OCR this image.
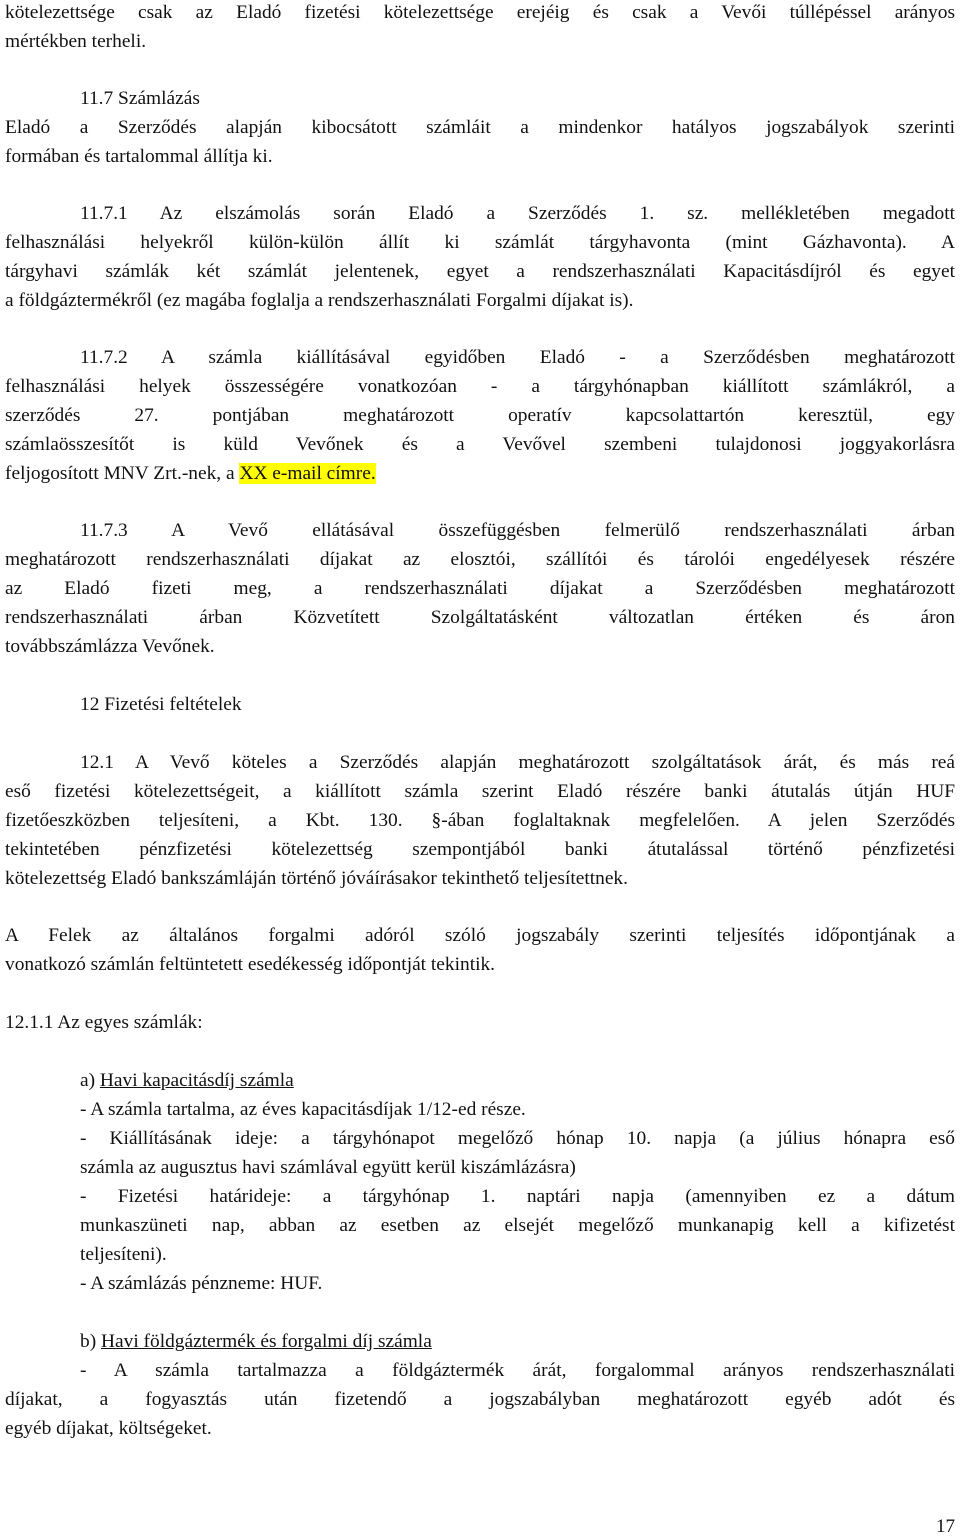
kötelezettsége csak az Eladó fizetési kötelezettsége erejéig és csak a Vevői túllépéssel arányos
mértékben terheli.
11.7 Számlázás
Eladó a Szerződés alapján kibocsátott számláit a mindenkor hatályos jogszabályok szerinti
formában és tartalommal állítja ki.
11.7.1 Az elszámolás során Eladó a Szerződés 1. sz. mellékletében megadott
felhasználási helyekről külön-külön állít ki számlát tárgyhavonta (mint Gázhavonta). A
tárgyhavi számlák két számlát jelentenek, egyet a rendszerhasználati Kapacitásdíjról és egyet
a földgáztermékről (ez magába foglalja a rendszerhasználati Forgalmi díjakat is).
11.7.2 A számla kiállításával egyidőben Eladó - a Szerződésben meghatározott
felhasználási helyek összességére vonatkozóan - a tárgyhónapban kiállított számlákról, a
szerződés 27. pontjában meghatározott operatív kapcsolattartón keresztül, egy
számlaösszesítőt is küld Vevőnek és a Vevővel szembeni tulajdonosi joggyakorlásra
feljogosított MNV Zrt.-nek, a XX e-mail címre.
11.7.3 A Vevő ellátásával összefüggésben felmerülő rendszerhasználati árban
meghatározott rendszerhasználati díjakat az elosztói, szállítói és tárolói engedélyesek részére
az Eladó fizeti meg, a rendszerhasználati díjakat a Szerződésben meghatározott
rendszerhasználati árban Közvetített Szolgáltatásként változatlan értéken és áron
továbbszámlázza Vevőnek.
12 Fizetési feltételek
12.1 A Vevő köteles a Szerződés alapján meghatározott szolgáltatások árát, és más reá
eső fizetési kötelezettségeit, a kiállított számla szerint Eladó részére banki átutalás útján HUF
fizetőeszközben teljesíteni, a Kbt. 130. §-ában foglaltaknak megfelelően. A jelen Szerződés
tekintetében pénzfizetési kötelezettség szempontjából banki átutalással történő pénzfizetési
kötelezettség Eladó bankszámláján történő jóváírásakor tekinthető teljesítettnek.
A Felek az általános forgalmi adóról szóló jogszabály szerinti teljesítés időpontjának a
vonatkozó számlán feltüntetett esedékesség időpontját tekintik.
12.1.1 Az egyes számlák:
a) Havi kapacitásdíj számla
- A számla tartalma, az éves kapacitásdíjak 1/12-ed része.
- Kiállításának ideje: a tárgyhónapot megelőző hónap 10. napja (a július hónapra eső
számla az augusztus havi számlával együtt kerül kiszámlázásra)
- Fizetési határideje: a tárgyhónap 1. naptári napja (amennyiben ez a dátum
munkaszüneti nap, abban az esetben az elsejét megelőző munkanapig kell a kifizetést
teljesíteni).
- A számlázás pénzneme: HUF.
b) Havi földgáztermék és forgalmi díj számla
- A számla tartalmazza a földgáztermék árát, forgalommal arányos rendszerhasználati
díjakat, a fogyasztás után fizetendő a jogszabályban meghatározott egyéb adót és
egyéb díjakat, költségeket.
17
